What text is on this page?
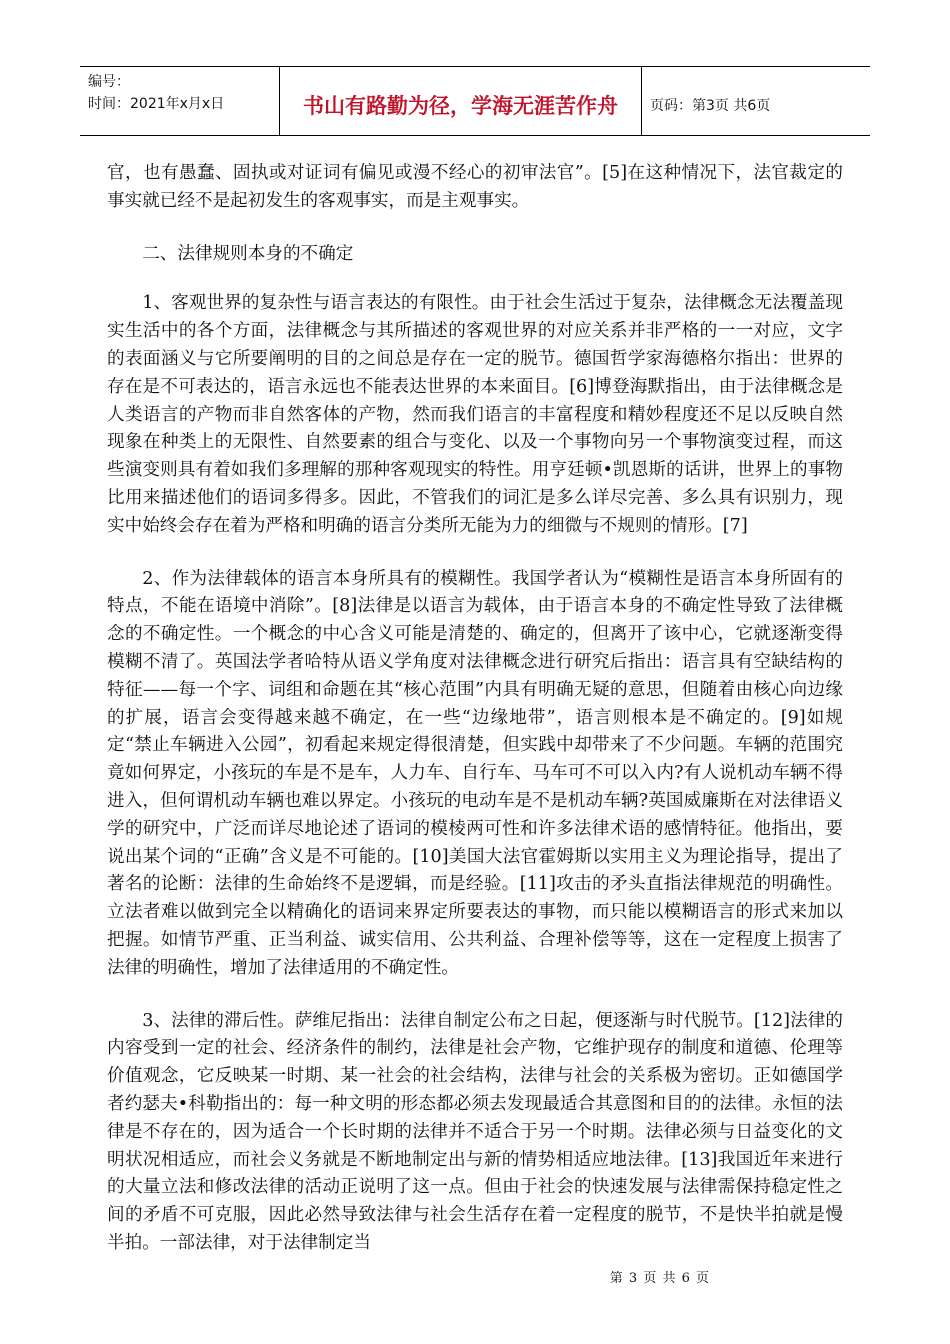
编号：
时间：2021年x月x日	书山有路勤为径，学海无涯苦作舟	页码：第3页 共6页

官，也有愚蠢、固执或对证词有偏见或漫不经心的初审法官”。[5]在这种情况下，法官裁定的事实就已经不是起初发生的客观事实，而是主观事实。

二、法律规则本身的不确定

1、客观世界的复杂性与语言表达的有限性。由于社会生活过于复杂，法律概念无法覆盖现实生活中的各个方面，法律概念与其所描述的客观世界的对应关系并非严格的一一对应，文字的表面涵义与它所要阐明的目的之间总是存在一定的脱节。德国哲学家海德格尔指出：世界的存在是不可表达的，语言永远也不能表达世界的本来面目。[6]博登海默指出，由于法律概念是人类语言的产物而非自然客体的产物，然而我们语言的丰富程度和精妙程度还不足以反映自然现象在种类上的无限性、自然要素的组合与变化、以及一个事物向另一个事物演变过程，而这些演变则具有着如我们多理解的那种客观现实的特性。用亨廷顿•凯恩斯的话讲，世界上的事物比用来描述他们的语词多得多。因此，不管我们的词汇是多么详尽完善、多么具有识别力，现实中始终会存在着为严格和明确的语言分类所无能为力的细微与不规则的情形。[7]

2、作为法律载体的语言本身所具有的模糊性。我国学者认为“模糊性是语言本身所固有的特点，不能在语境中消除”。[8]法律是以语言为载体，由于语言本身的不确定性导致了法律概念的不确定性。一个概念的中心含义可能是清楚的、确定的，但离开了该中心，它就逐渐变得模糊不清了。英国法学者哈特从语义学角度对法律概念进行研究后指出：语言具有空缺结构的特征——每一个字、词组和命题在其“核心范围”内具有明确无疑的意思，但随着由核心向边缘的扩展，语言会变得越来越不确定，在一些“边缘地带”，语言则根本是不确定的。[9]如规定“禁止车辆进入公园”，初看起来规定得很清楚，但实践中却带来了不少问题。车辆的范围究竟如何界定，小孩玩的车是不是车，人力车、自行车、马车可不可以入内?有人说机动车辆不得进入，但何谓机动车辆也难以界定。小孩玩的电动车是不是机动车辆?英国威廉斯在对法律语义学的研究中，广泛而详尽地论述了语词的模棱两可性和许多法律术语的感情特征。他指出，要说出某个词的“正确”含义是不可能的。[10]美国大法官霍姆斯以实用主义为理论指导，提出了著名的论断：法律的生命始终不是逻辑，而是经验。[11]攻击的矛头直指法律规范的明确性。立法者难以做到完全以精确化的语词来界定所要表达的事物，而只能以模糊语言的形式来加以把握。如情节严重、正当利益、诚实信用、公共利益、合理补偿等等，这在一定程度上损害了法律的明确性，增加了法律适用的不确定性。

3、法律的滞后性。萨维尼指出：法律自制定公布之日起，便逐渐与时代脱节。[12]法律的内容受到一定的社会、经济条件的制约，法律是社会产物，它维护现存的制度和道德、伦理等价值观念，它反映某一时期、某一社会的社会结构，法律与社会的关系极为密切。正如德国学者约瑟夫•科勒指出的：每一种文明的形态都必须去发现最适合其意图和目的的法律。永恒的法律是不存在的，因为适合一个长时期的法律并不适合于另一个时期。法律必须与日益变化的文明状况相适应，而社会义务就是不断地制定出与新的情势相适应地法律。[13]我国近年来进行的大量立法和修改法律的活动正说明了这一点。但由于社会的快速发展与法律需保持稳定性之间的矛盾不可克服，因此必然导致法律与社会生活存在着一定程度的脱节，不是快半拍就是慢半拍。一部法律，对于法律制定当

第 3 页 共 6 页
